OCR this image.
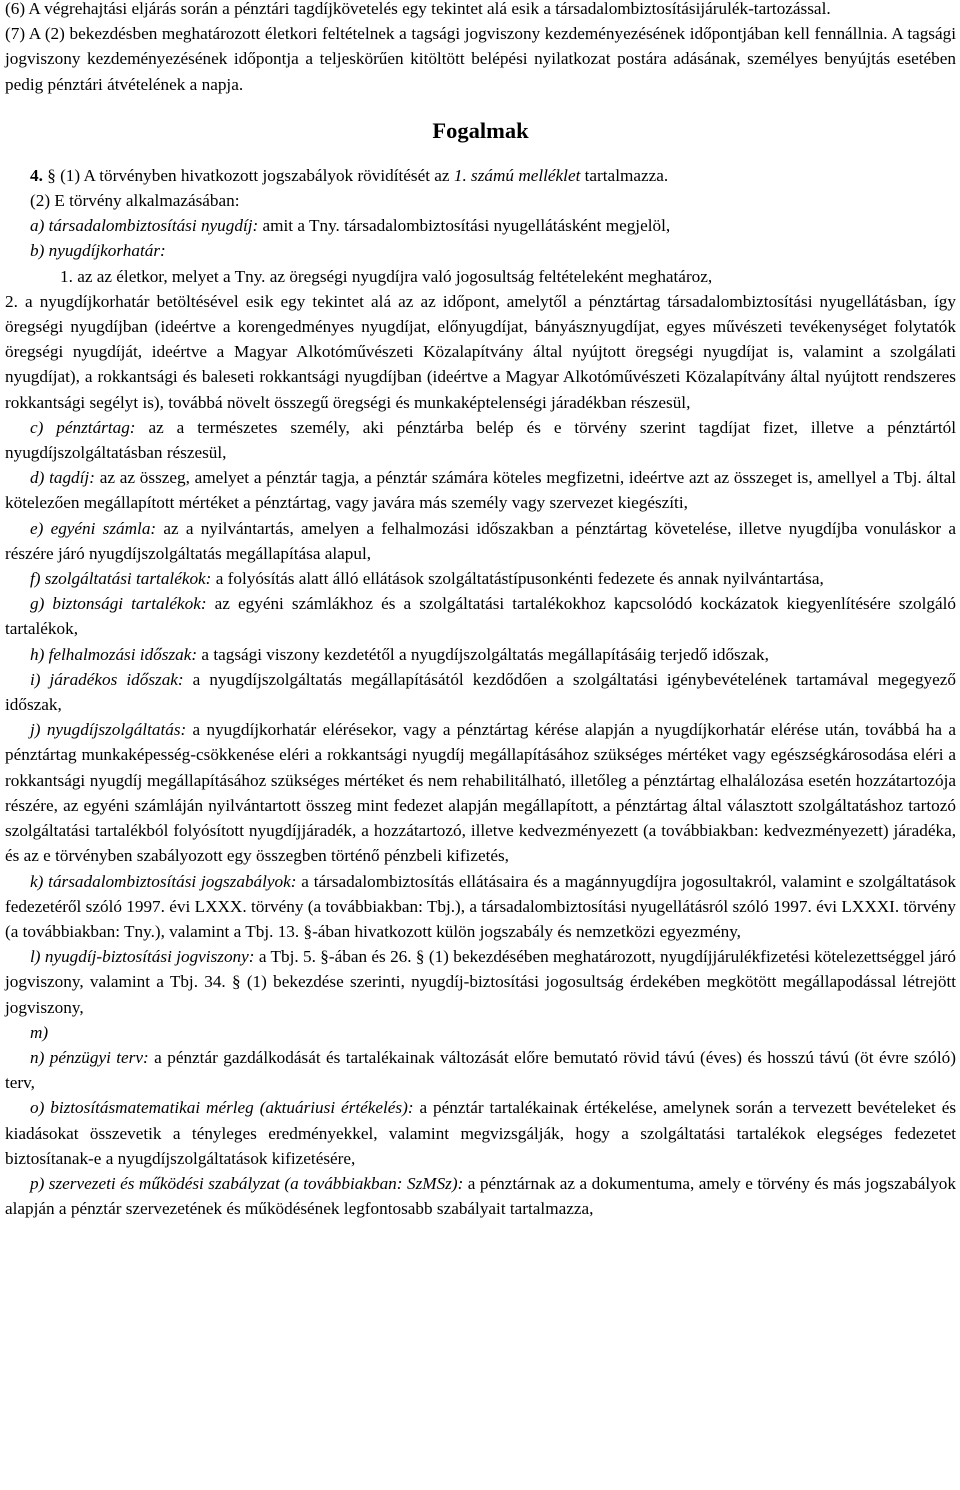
(6) A végrehajtási eljárás során a pénztári tagdíjkövetelés egy tekintet alá esik a társadalombiztosításijárulék-tartozással.

(7) A (2) bekezdésben meghatározott életkori feltételnek a tagsági jogviszony kezdeményezésének időpontjában kell fennállnia. A tagsági jogviszony kezdeményezésének időpontja a teljeskörűen kitöltött belépési nyilatkozat postára adásának, személyes benyújtás esetében pedig pénztári átvételének a napja.

Fogalmak

4. § (1) A törvényben hivatkozott jogszabályok rövidítését az 1. számú melléklet tartalmazza.

(2) E törvény alkalmazásában:

a) társadalombiztosítási nyugdíj: amit a Tny. társadalombiztosítási nyugellátásként megjelöl,

b) nyugdíjkorhatár:

1. az az életkor, melyet a Tny. az öregségi nyugdíjra való jogosultság feltételeként meghatároz,

2. a nyugdíjkorhatár betöltésével esik egy tekintet alá az az időpont, amelytől a pénztártag társadalombiztosítási nyugellátásban, így öregségi nyugdíjban (ideértve a korengedményes nyugdíjat, előnyugdíjat, bányásznyugdíjat, egyes művészeti tevékenységet folytatók öregségi nyugdíját, ideértve a Magyar Alkotóművészeti Közalapítvány által nyújtott öregségi nyugdíjat is, valamint a szolgálati nyugdíjat), a rokkantsági és baleseti rokkantsági nyugdíjban (ideértve a Magyar Alkotóművészeti Közalapítvány által nyújtott rendszeres rokkantsági segélyt is), továbbá növelt összegű öregségi és munkaképtelenségi járadékban részesül,

c) pénztártag: az a természetes személy, aki pénztárba belép és e törvény szerint tagdíjat fizet, illetve a pénztártól nyugdíjszolgáltatásban részesül,

d) tagdíj: az az összeg, amelyet a pénztár tagja, a pénztár számára köteles megfizetni, ideértve azt az összeget is, amellyel a Tbj. által kötelezően megállapított mértéket a pénztártag, vagy javára más személy vagy szervezet kiegészíti,

e) egyéni számla: az a nyilvántartás, amelyen a felhalmozási időszakban a pénztártag követelése, illetve nyugdíjba vonuláskor a részére járó nyugdíjszolgáltatás megállapítása alapul,

f) szolgáltatási tartalékok: a folyósítás alatt álló ellátások szolgáltatástípusonkénti fedezete és annak nyilvántartása,

g) biztonsági tartalékok: az egyéni számlákhoz és a szolgáltatási tartalékokhoz kapcsolódó kockázatok kiegyenlítésére szolgáló tartalékok,

h) felhalmozási időszak: a tagsági viszony kezdetétől a nyugdíjszolgáltatás megállapításáig terjedő időszak,

i) járadékos időszak: a nyugdíjszolgáltatás megállapításától kezdődően a szolgáltatási igénybevételének tartamával megegyező időszak,

j) nyugdíjszolgáltatás: a nyugdíjkorhatár elérésekor, vagy a pénztártag kérése alapján a nyugdíjkorhatár elérése után, továbbá ha a pénztártag munkaképesség-csökkenése eléri a rokkantsági nyugdíj megállapításához szükséges mértéket vagy egészségkárosodása eléri a rokkantsági nyugdíj megállapításához szükséges mértéket és nem rehabilitálható, illetőleg a pénztártag elhalálozása esetén hozzátartozója részére, az egyéni számláján nyilvántartott összeg mint fedezet alapján megállapított, a pénztártag által választott szolgáltatáshoz tartozó szolgáltatási tartalékból folyósított nyugdíjjáradék, a hozzátartozó, illetve kedvezményezett (a továbbiakban: kedvezményezett) járadéka, és az e törvényben szabályozott egy összegben történő pénzbeli kifizetés,

k) társadalombiztosítási jogszabályok: a társadalombiztosítás ellátásaira és a magánnyugdíjra jogosultakról, valamint e szolgáltatások fedezetéről szóló 1997. évi LXXX. törvény (a továbbiakban: Tbj.), a társadalombiztosítási nyugellátásról szóló 1997. évi LXXXI. törvény (a továbbiakban: Tny.), valamint a Tbj. 13. §-ában hivatkozott külön jogszabály és nemzetközi egyezmény,

l) nyugdíj-biztosítási jogviszony: a Tbj. 5. §-ában és 26. § (1) bekezdésében meghatározott, nyugdíjjárulékfizetési kötelezettséggel járó jogviszony, valamint a Tbj. 34. § (1) bekezdése szerinti, nyugdíj-biztosítási jogosultság érdekében megkötött megállapodással létrejött jogviszony,

m)

n) pénzügyi terv: a pénztár gazdálkodását és tartalékainak változását előre bemutató rövid távú (éves) és hosszú távú (öt évre szóló) terv,

o) biztosításmatematikai mérleg (aktuáriusi értékelés): a pénztár tartalékainak értékelése, amelynek során a tervezett bevételeket és kiadásokat összevetik a tényleges eredményekkel, valamint megvizsgálják, hogy a szolgáltatási tartalékok elegséges fedezetet biztosítanak-e a nyugdíjszolgáltatások kifizetésére,

p) szervezeti és működési szabályzat (a továbbiakban: SzMSz): a pénztárnak az a dokumentuma, amely e törvény és más jogszabályok alapján a pénztár szervezetének és működésének legfontosabb szabályait tartalmazza,
